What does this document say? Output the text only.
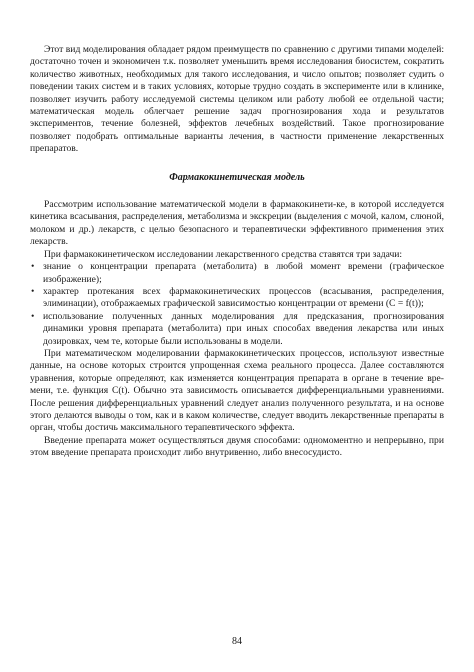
Этот вид моделирования обладает рядом преимуществ по сравнению с другими типами моделей: достаточно точен и экономичен т.к. позволяет уменьшить время исследования биосистем, сократить количество животных, необходимых для такого исследования, и число опытов; позволяет судить о поведении таких систем и в таких условиях, которые трудно создать в эксперименте или в клинике, позволяет изучить работу исследуемой системы целиком или работу любой ее отдельной части; математическая модель облегчает решение задач прогнозирования хода и результатов экспериментов, течение болезней, эффектов лечебных воздействий. Такое прогнозирование позволяет подобрать оптимальные варианты лечения, в частности применение лекарственных препаратов.

Фармакокинетическая модель

Рассмотрим использование математической модели в фармакокинети-ке, в которой исследуется кинетика всасывания, распределения, метаболизма и экскреции (выделения с мочой, калом, слюной, молоком и др.) лекарств, с целью безопасного и терапевтически эффективного применения этих лекарств.

При фармакокинетическом исследовании лекарственного средства ставятся три задачи:

• знание о концентрации препарата (метаболита) в любой момент времени (графическое изображение);
• характер протекания всех фармакокинетических процессов (всасывания, распределения, элиминации), отображаемых графической зависимостью концентрации от времени (C = f(t));
• использование полученных данных моделирования для предсказания, прогнозирования динамики уровня препарата (метаболита) при иных способах введения лекарства или иных дозировках, чем те, которые были использованы в модели.

При математическом моделировании фармакокинетических процессов, используют известные данные, на основе которых строится упрощенная схема реального процесса. Далее составляются уравнения, которые определяют, как изменяется концентрация препарата в органе в течение времени, т.е. функция C(t). Обычно эта зависимость описывается дифференциальными уравнениями. После решения дифференциальных уравнений следует анализ полученного результата, и на основе этого делаются выводы о том, как и в каком количестве, следует вводить лекарственные препараты в орган, чтобы достичь максимального терапевтического эффекта.

Введение препарата может осуществляться двумя способами: одномоментно и непрерывно, при этом введение препарата происходит либо внутривенно, либо внесосудисто.

84
